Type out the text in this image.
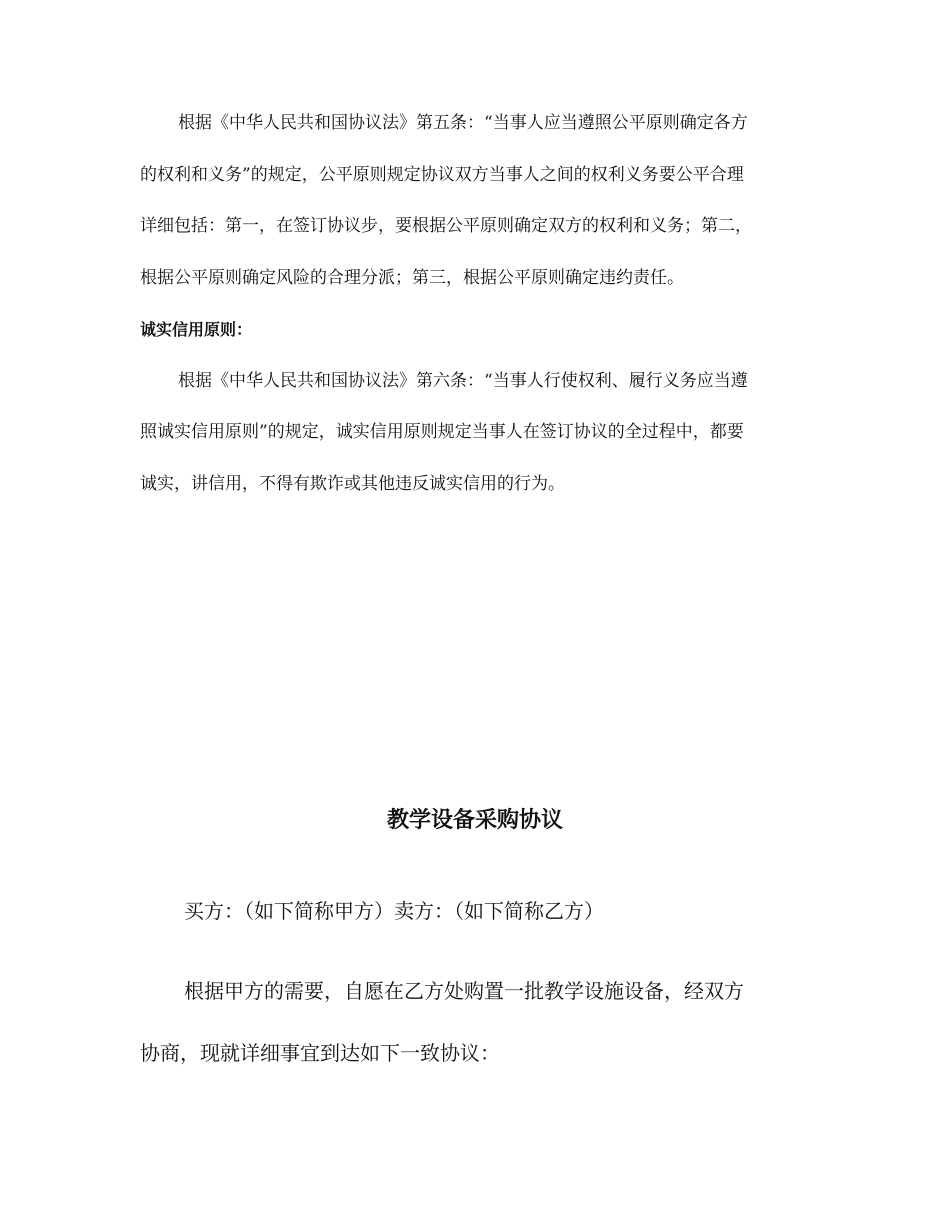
根据《中华人民共和国协议法》第五条：“当事人应当遵照公平原则确定各方
的权利和义务”的规定，公平原则规定协议双方当事人之间的权利义务要公平合理
详细包括：第一，在签订协议步，要根据公平原则确定双方的权利和义务；第二，
根据公平原则确定风险的合理分派；第三，根据公平原则确定违约责任。
诚实信用原则：
根据《中华人民共和国协议法》第六条：“当事人行使权利、履行义务应当遵
照诚实信用原则”的规定，诚实信用原则规定当事人在签订协议的全过程中，都要
诚实，讲信用，不得有欺诈或其他违反诚实信用的行为。
教学设备采购协议
买方：（如下简称甲方）卖方：（如下简称乙方）
根据甲方的需要，自愿在乙方处购置一批教学设施设备，经双方
协商，现就详细事宜到达如下一致协议：
